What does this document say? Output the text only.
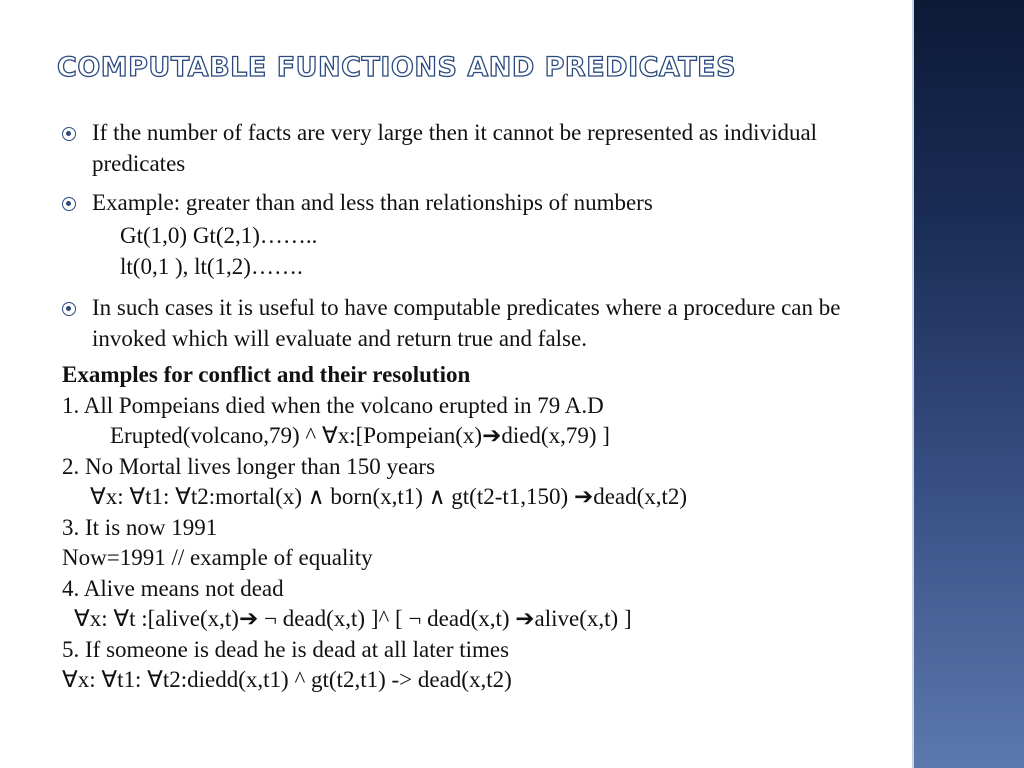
COMPUTABLE FUNCTIONS AND PREDICATES
If the number of facts are very large then it cannot be represented as individual predicates
Example: greater than and less than relationships of numbers
Gt(1,0) Gt(2,1)……..
lt(0,1 ), lt(1,2)…….
In such cases it is useful to have computable predicates where a procedure can be invoked which will evaluate and return true and false.
Examples for conflict and their resolution
1. All Pompeians died when the volcano erupted in 79 A.D
Erupted(volcano,79) ^ ∀x:[Pompeian(x)➔died(x,79) ]
2. No Mortal lives longer than 150 years
∀x: ∀t1: ∀t2:mortal(x) ∧ born(x,t1) ∧ gt(t2-t1,150) ➔dead(x,t2)
3. It is now 1991
Now=1991 // example of equality
4. Alive means not dead
∀x: ∀t :[alive(x,t)➔ ¬ dead(x,t) ]^ [ ¬ dead(x,t) ➔alive(x,t) ]
5. If someone is dead he is dead at all later times
∀x: ∀t1: ∀t2:diedd(x,t1) ^ gt(t2,t1) -> dead(x,t2)
